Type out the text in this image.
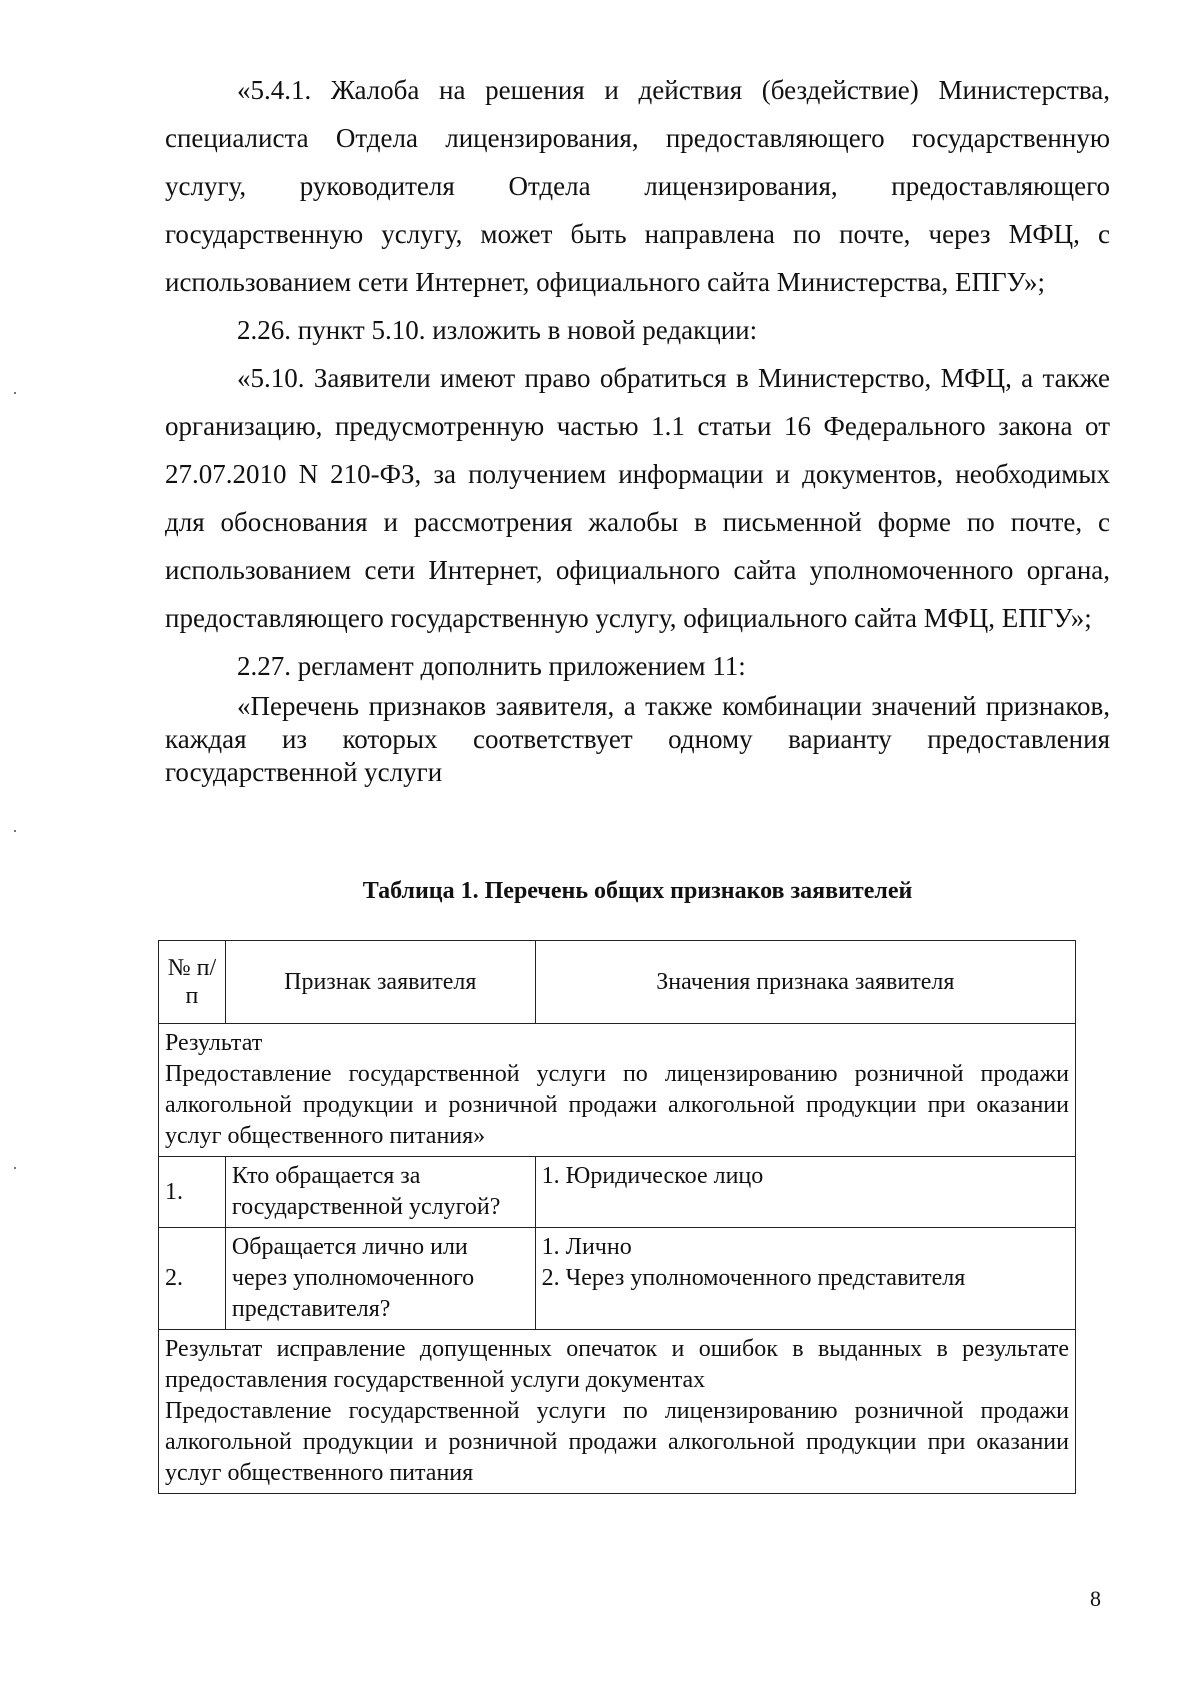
«5.4.1. Жалоба на решения и действия (бездействие) Министерства, специалиста Отдела лицензирования, предоставляющего государственную услугу, руководителя Отдела лицензирования, предоставляющего государственную услугу, может быть направлена по почте, через МФЦ, с использованием сети Интернет, официального сайта Министерства, ЕПГУ»;

2.26. пункт 5.10. изложить в новой редакции:

«5.10. Заявители имеют право обратиться в Министерство, МФЦ, а также организацию, предусмотренную частью 1.1 статьи 16 Федерального закона от 27.07.2010 N 210-ФЗ, за получением информации и документов, необходимых для обоснования и рассмотрения жалобы в письменной форме по почте, с использованием сети Интернет, официального сайта уполномоченного органа, предоставляющего государственную услугу, официального сайта МФЦ, ЕПГУ»;

2.27. регламент дополнить приложением 11:

«Перечень признаков заявителя, а также комбинации значений признаков, каждая из которых соответствует одному варианту предоставления государственной услуги

Таблица 1. Перечень общих признаков заявителей

№ п/п	Признак заявителя	Значения признака заявителя

Результат
Предоставление государственной услуги по лицензированию розничной продажи алкогольной продукции и розничной продажи алкогольной продукции при оказании услуг общественного питания»		

1.	Кто обращается за государственной услугой?	1. Юридическое лицо

2.	Обращается лично или через уполномоченного представителя?	1. Лично
2. Через уполномоченного представителя

Результат исправление допущенных опечаток и ошибок в выданных в результате предоставления государственной услуги документах
Предоставление государственной услуги по лицензированию розничной продажи алкогольной продукции и розничной продажи алкогольной продукции при оказании услуг общественного питания		
8
